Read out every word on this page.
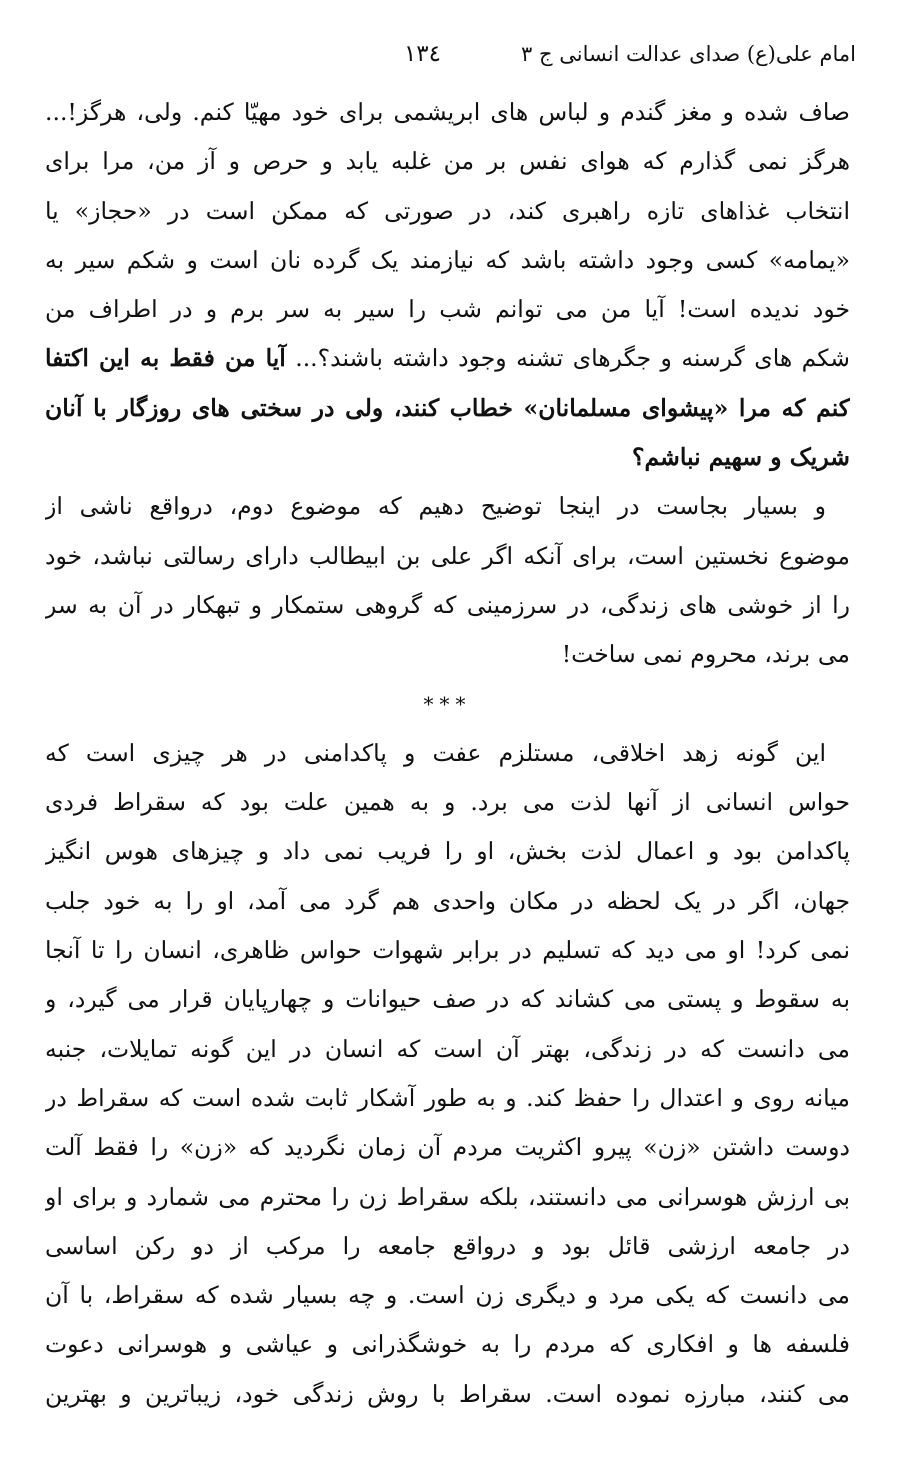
امام علی(ع) صدای عدالت انسانی ج ۳
۱۳٤
صاف شده و مغز گندم و لباس های ابریشمی برای خود مهیّا کنم. ولی، هرگز!...
هرگز نمی گذارم که هوای نفس بر من غلبه یابد و حرص و آز من، مرا برای
انتخاب غذاهای تازه راهبری کند، در صورتی که ممکن است در «حجاز» یا
«یمامه» کسی وجود داشته باشد که نیازمند یک گرده نان است و شکم سیر به
خود ندیده است! آیا من می توانم شب را سیر به سر برم و در اطراف من
شکم های گرسنه و جگرهای تشنه وجود داشته باشند؟... آیا من فقط به این اکتفا
کنم که مرا «پیشوای مسلمانان» خطاب کنند، ولی در سختی های روزگار با آنان
شریک و سهیم نباشم؟
و بسیار بجاست در اینجا توضیح دهیم که موضوع دوم، درواقع ناشی از
موضوع نخستین است، برای آنکه اگر علی بن ابیطالب دارای رسالتی نباشد، خود
را از خوشی های زندگی، در سرزمینی که گروهی ستمکار و تبهکار در آن به سر
می برند، محروم نمی ساخت!
***
این گونه زهد اخلاقی، مستلزم عفت و پاکدامنی در هر چیزی است که
حواس انسانی از آنها لذت می برد. و به همین علت بود که سقراط فردی
پاکدامن بود و اعمال لذت بخش، او را فریب نمی داد و چیزهای هوس انگیز
جهان، اگر در یک لحظه در مکان واحدی هم گرد می آمد، او را به خود جلب
نمی کرد! او می دید که تسلیم در برابر شهوات حواس ظاهری، انسان را تا آنجا
به سقوط و پستی می کشاند که در صف حیوانات و چهارپایان قرار می گیرد، و
می دانست که در زندگی، بهتر آن است که انسان در این گونه تمایلات، جنبه
میانه روی و اعتدال را حفظ کند. و به طور آشکار ثابت شده است که سقراط در
دوست داشتن «زن» پیرو اکثریت مردم آن زمان نگردید که «زن» را فقط آلت
بی ارزش هوسرانی می دانستند، بلکه سقراط زن را محترم می شمارد و برای او
در جامعه ارزشی قائل بود و درواقع جامعه را مرکب از دو رکن اساسی
می دانست که یکی مرد و دیگری زن است. و چه بسیار شده که سقراط، با آن
فلسفه ها و افکاری که مردم را به خوشگذرانی و عیاشی و هوسرانی دعوت
می کنند، مبارزه نموده است. سقراط با روش زندگی خود، زیباترین و بهترین
